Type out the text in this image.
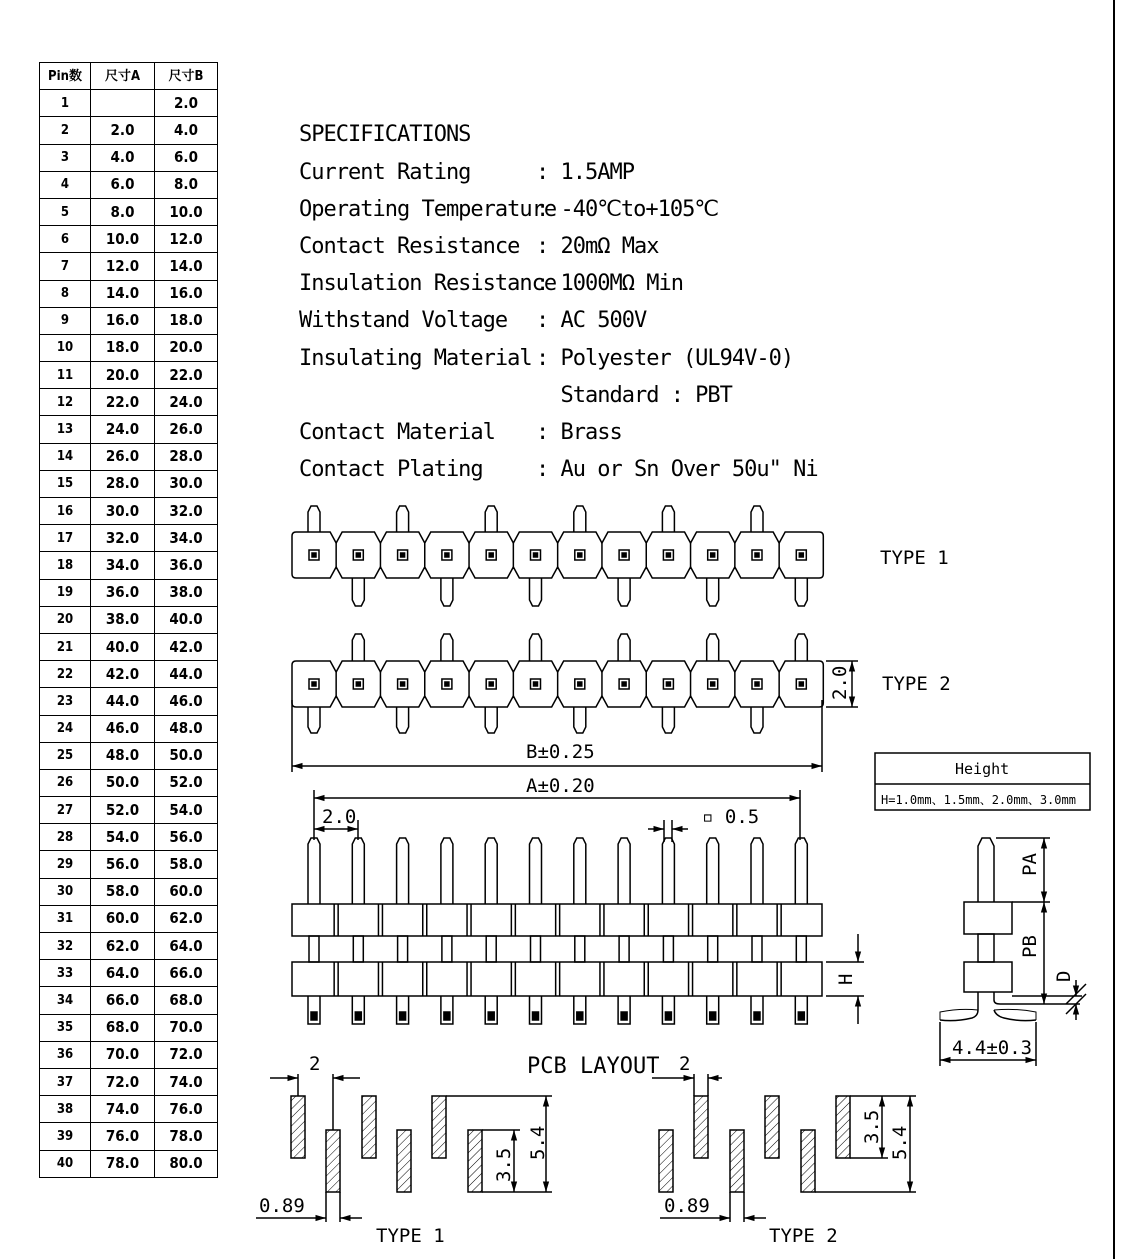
Pin数	尺寸A	尺寸B
1		2.0
2	2.0	4.0
3	4.0	6.0
4	6.0	8.0
5	8.0	10.0
6	10.0	12.0
7	12.0	14.0
8	14.0	16.0
9	16.0	18.0
10	18.0	20.0
11	20.0	22.0
12	22.0	24.0
13	24.0	26.0
14	26.0	28.0
15	28.0	30.0
16	30.0	32.0
17	32.0	34.0
18	34.0	36.0
19	36.0	38.0
20	38.0	40.0
21	40.0	42.0
22	42.0	44.0
23	44.0	46.0
24	46.0	48.0
25	48.0	50.0
26	50.0	52.0
27	52.0	54.0
28	54.0	56.0
29	56.0	58.0
30	58.0	60.0
31	60.0	62.0
32	62.0	64.0
33	64.0	66.0
34	66.0	68.0
35	68.0	70.0
36	70.0	72.0
37	72.0	74.0
38	74.0	76.0
39	76.0	78.0
40	78.0	80.0
SPECIFICATIONS
Current Rating	: 1.5AMP
Operating Temperature
: -40℃to+105℃
Contact Resistance : 20mΩ Max
Insulation Resistance
: 1000MΩ Min
Withstand Voltage : AC 500V
Insulating Material : Polyester (UL94V-0)
Standard : PBT
Contact Material : Brass
Contact Plating : Au or Sn Over 50u" Ni
TYPE 1
TYPE 2
2.0
B±0.25
A±0.20
2.0	▫ 0.5
H
Height
H=1.0mm、1.5mm、2.0mm、3.0mm
PA
PB
D
4.4±0.3
PCB LAYOUT
2	2
0.89	0.89
3.5
5.4	3.5 5.4
TYPE 1	TYPE 2
